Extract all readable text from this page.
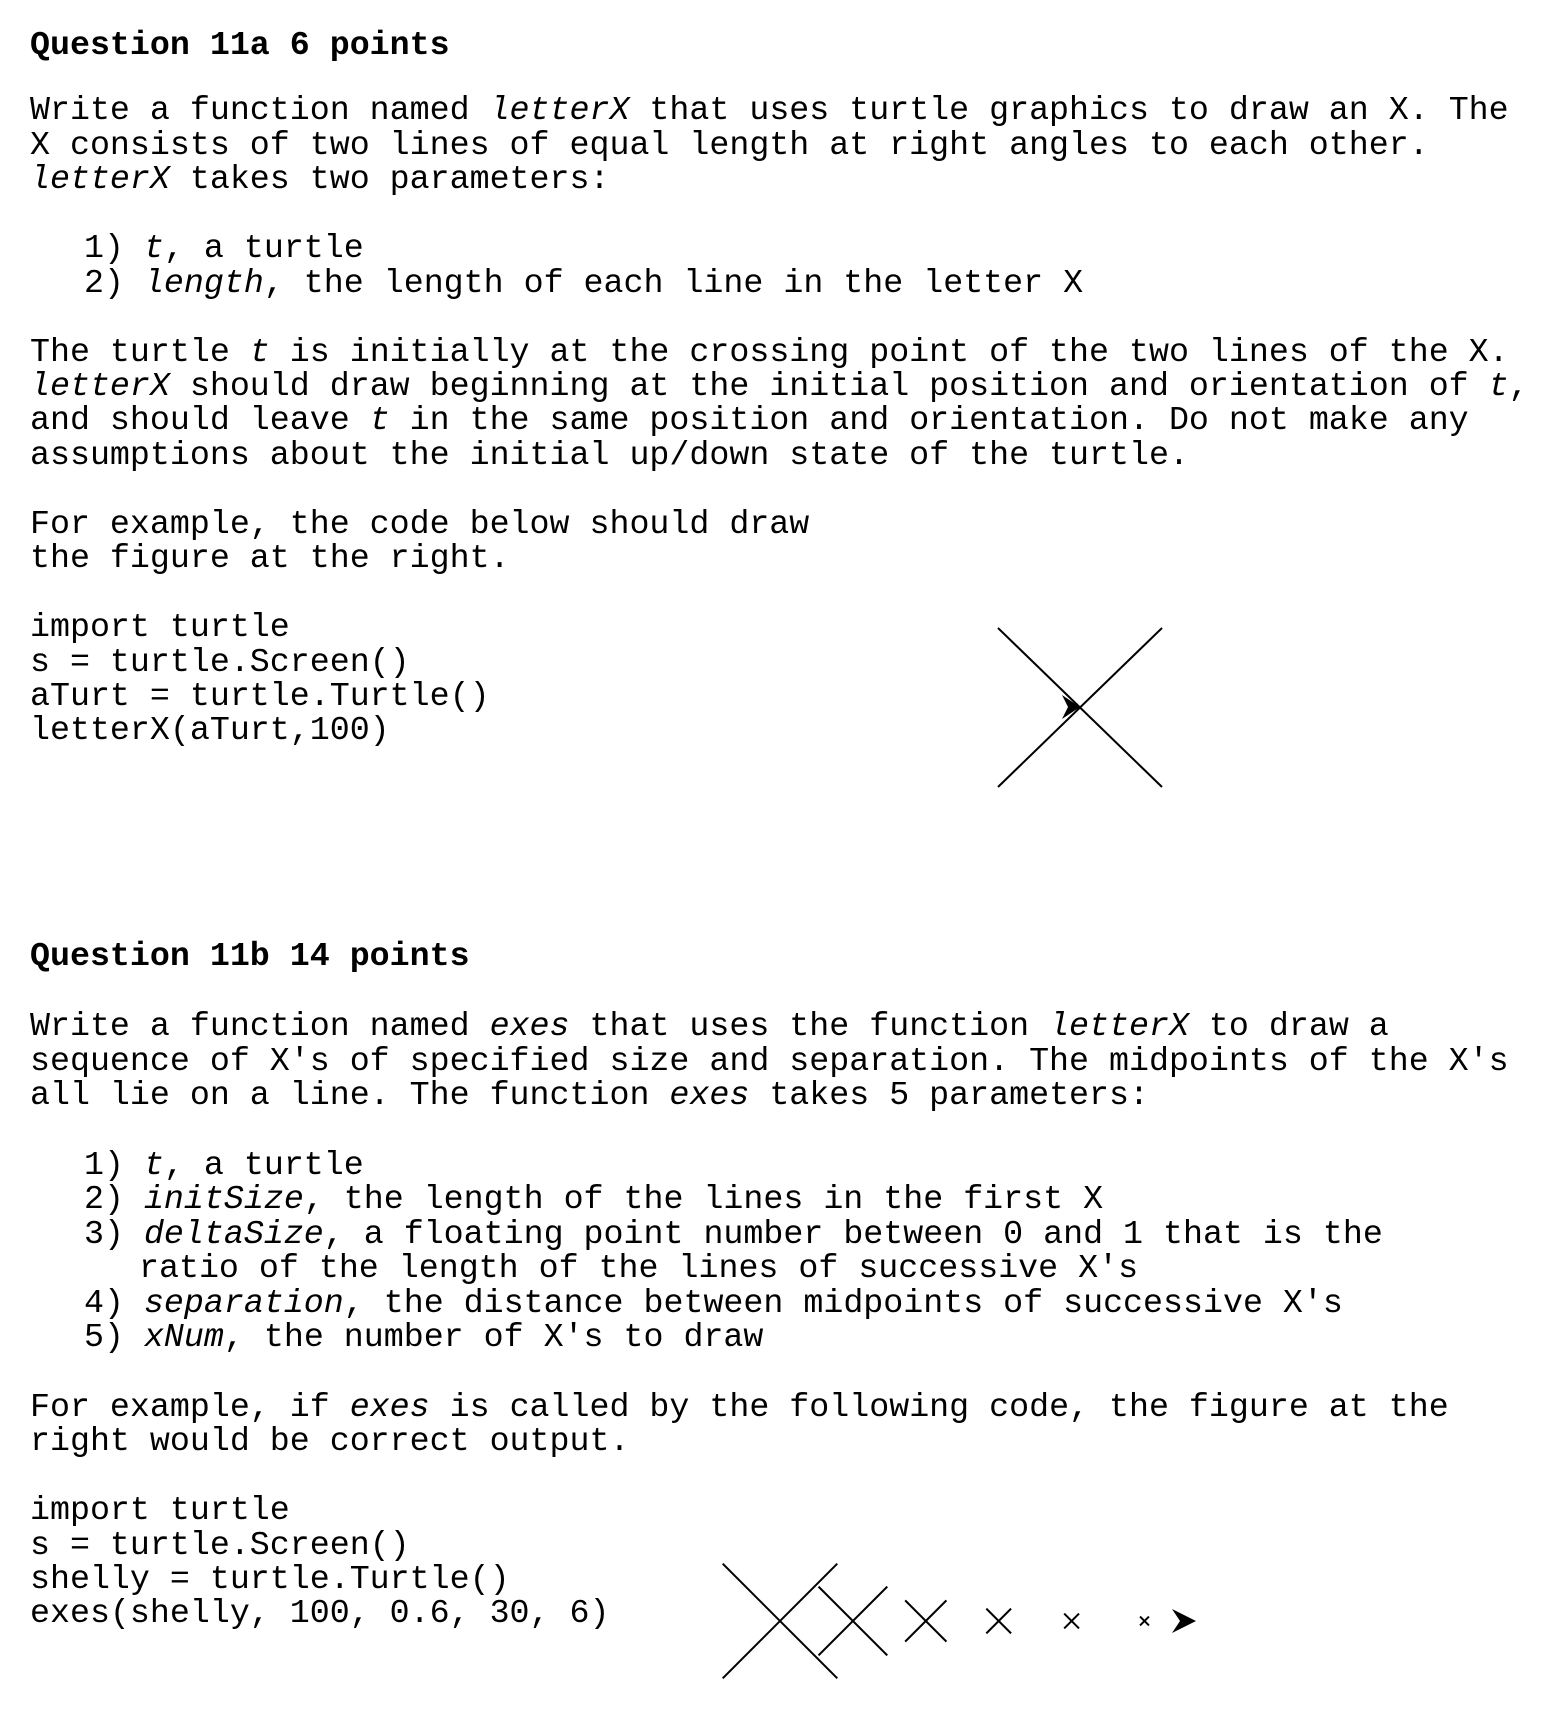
Question 11a 6 points
Write a function named letterX that uses turtle graphics to draw an X. The
X consists of two lines of equal length at right angles to each other.
letterX takes two parameters:
1) t, a turtle
2) length, the length of each line in the letter X
The turtle t is initially at the crossing point of the two lines of the X.
letterX should draw beginning at the initial position and orientation of t,
and should leave t in the same position and orientation. Do not make any
assumptions about the initial up/down state of the turtle.
For example, the code below should draw
the figure at the right.
import turtle
s = turtle.Screen()
aTurt = turtle.Turtle()
letterX(aTurt,100)
Question 11b 14 points
Write a function named exes that uses the function letterX to draw a
sequence of X's of specified size and separation. The midpoints of the X's
all lie on a line. The function exes takes 5 parameters:
1) t, a turtle
2) initSize, the length of the lines in the first X
3) deltaSize, a floating point number between 0 and 1 that is the
ratio of the length of the lines of successive X's
4) separation, the distance between midpoints of successive X's
5) xNum, the number of X's to draw
For example, if exes is called by the following code, the figure at the
right would be correct output.
import turtle
s = turtle.Screen()
shelly = turtle.Turtle()
exes(shelly, 100, 0.6, 30, 6)
